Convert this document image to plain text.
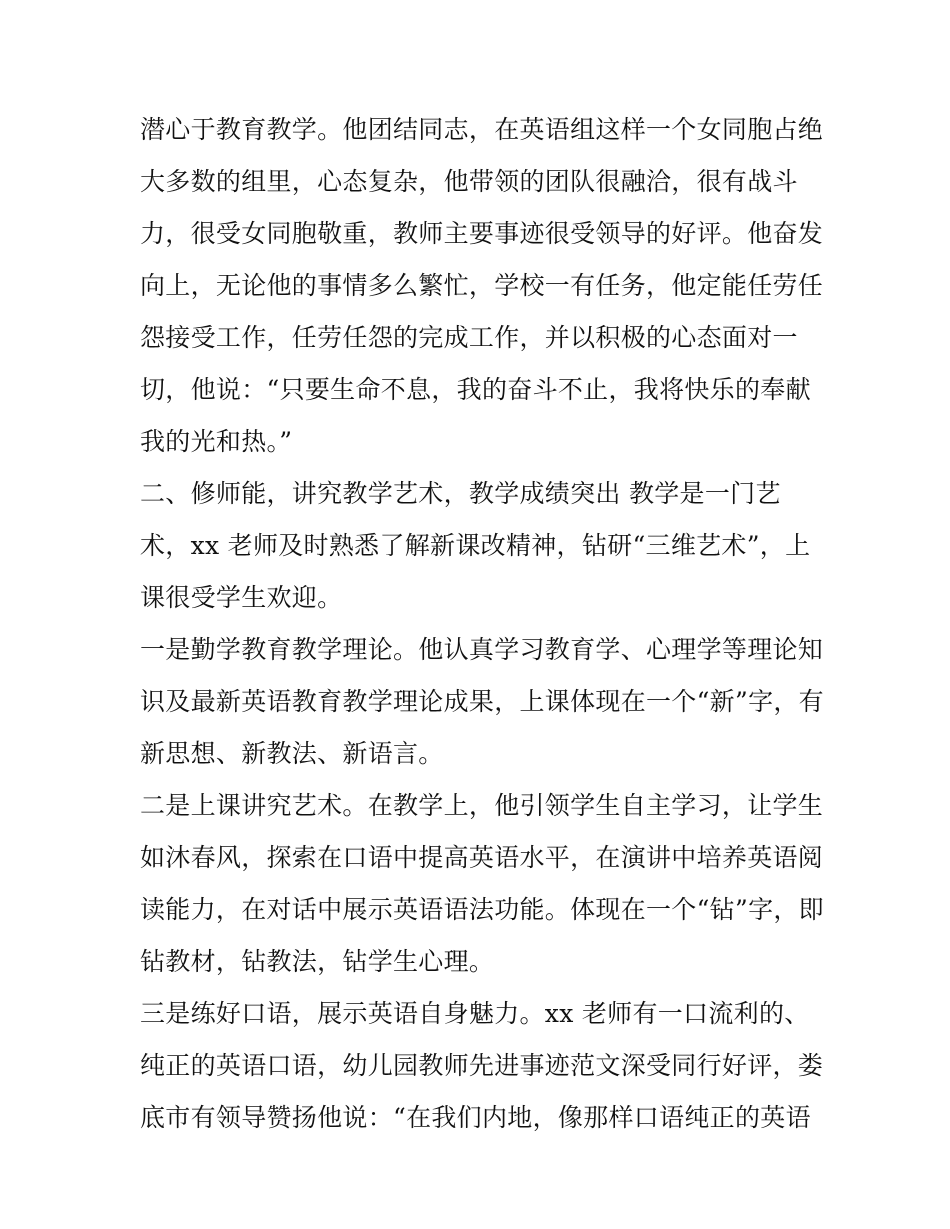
潜心于教育教学。他团结同志，在英语组这样一个女同胞占绝
大多数的组里，心态复杂，他带领的团队很融洽，很有战斗
力，很受女同胞敬重，教师主要事迹很受领导的好评。他奋发
向上，无论他的事情多么繁忙，学校一有任务，他定能任劳任
怨接受工作，任劳任怨的完成工作，并以积极的心态面对一
切，他说：“只要生命不息，我的奋斗不止，我将快乐的奉献
我的光和热。”
二、修师能，讲究教学艺术，教学成绩突出 教学是一门艺
术，xx 老师及时熟悉了解新课改精神，钻研“三维艺术”，上
课很受学生欢迎。
一是勤学教育教学理论。他认真学习教育学、心理学等理论知
识及最新英语教育教学理论成果，上课体现在一个“新”字，有
新思想、新教法、新语言。
二是上课讲究艺术。在教学上，他引领学生自主学习，让学生
如沐春风，探索在口语中提高英语水平，在演讲中培养英语阅
读能力，在对话中展示英语语法功能。体现在一个“钻”字，即
钻教材，钻教法，钻学生心理。
三是练好口语，展示英语自身魅力。xx 老师有一口流利的、
纯正的英语口语，幼儿园教师先进事迹范文深受同行好评，娄
底市有领导赞扬他说：“在我们内地，像那样口语纯正的英语
